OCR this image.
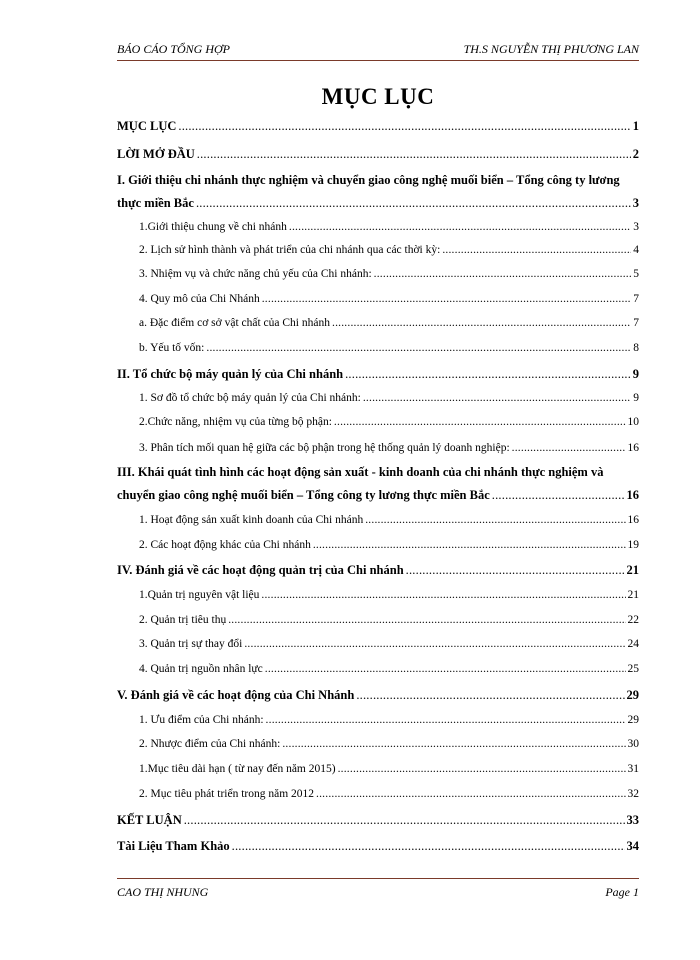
BÁO CÁO TỔNG HỢP	TH.S NGUYỄN THỊ PHƯƠNG LAN
MỤC LỤC
MỤC LỤC .....	1
LỜI MỞ ĐẦU .....	2
I. Giới thiệu chi nhánh thực nghiệm và chuyển giao công nghệ muối biển – Tổng công ty lương
thực miền Bắc .....	3
1.Giới thiệu chung về chi nhánh .....	3
2. Lịch sử hình thành và phát triển của chi nhánh qua các thời kỳ: .....	4
3. Nhiệm vụ và chức năng chủ yếu của Chi nhánh: .....	5
4. Quy mô của Chi Nhánh .....	7
a. Đặc điểm cơ sở vật chất của Chi nhánh .....	7
b. Yếu tố vốn: .....	8
II. Tổ chức bộ máy quản lý của Chi nhánh .....	9
1. Sơ đồ tổ chức bộ máy quản lý của Chi nhánh: .....	9
2.Chức năng, nhiệm vụ của từng bộ phận: .....	10
3. Phân tích mối quan hệ giữa các bộ phận trong hệ thống quản lý doanh nghiệp: .....	16
III. Khái quát tình hình các hoạt động sản xuất - kinh doanh của chi nhánh thực nghiệm và
chuyển giao công nghệ muối biển – Tổng công ty lương thực miền Bắc .....	16
1. Hoạt động sản xuất kinh doanh của Chi nhánh .....	16
2. Các hoạt động khác của Chi nhánh .....	19
IV. Đánh giá về các hoạt động quản trị của Chi nhánh .....	21
1.Quản trị nguyên vật liệu .....	21
2. Quản trị tiêu thụ .....	22
3. Quản trị sự thay đổi .....	24
4. Quản trị nguồn nhân lực .....	25
V. Đánh giá về các hoạt động của Chi Nhánh .....	29
1. Ưu điểm của Chi nhánh: .....	29
2. Nhược điểm của Chi nhánh: .....	30
1.Mục tiêu dài hạn ( từ nay đến năm 2015) .....	31
2. Mục tiêu phát triển trong năm 2012 .....	32
KẾT LUẬN .....	33
Tài Liệu Tham Khảo .....	34
CAO THỊ NHUNG	Page 1
